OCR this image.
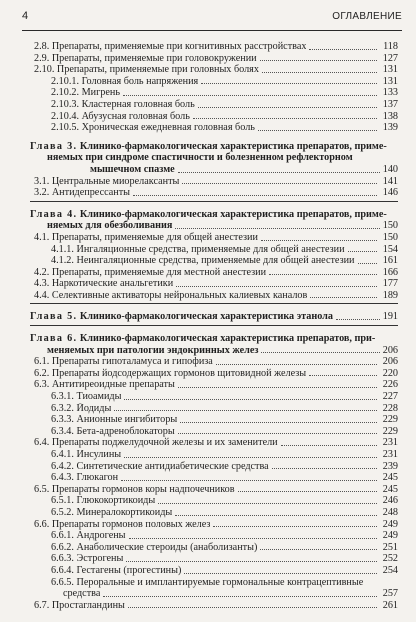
4	ОГЛАВЛЕНИЕ
2.8. Препараты, применяемые при когнитивных расстройствах	118
2.9. Препараты, применяемые при головокружении	127
2.10. Препараты, применяемые при головных болях	131
2.10.1. Головная боль напряжения	131
2.10.2. Мигрень	133
2.10.3. Кластерная головная боль	137
2.10.4. Абузусная головная боль	138
2.10.5. Хроническая ежедневная головная боль	139
Глава 3. Клинико-фармакологическая характеристика препаратов, приме-
няемых при синдроме спастичности и болезненном рефлекторном
мышечном спазме	140
3.1. Центральные миорелаксанты	141
3.2. Антидепрессанты	146
Глава 4. Клинико-фармакологическая характеристика препаратов, приме-
няемых для обезболивания	150
4.1. Препараты, применяемые для общей анестезии	150
4.1.1. Ингаляционные средства, применяемые для общей анестезии	154
4.1.2. Неингаляционные средства, применяемые для общей анестезии	161
4.2. Препараты, применяемые для местной анестезии	166
4.3. Наркотические анальгетики	177
4.4. Селективные активаторы нейрональных калиевых каналов	189
Глава 5. Клинико-фармакологическая характеристика этанола	191
Глава 6. Клинико-фармакологическая характеристика препаратов, при-
меняемых при патологии эндокринных желез	206
6.1. Препараты гипоталамуса и гипофиза	206
6.2. Препараты йодсодержащих гормонов щитовидной железы	220
6.3. Антитиреоидные препараты	226
6.3.1. Тиоамиды	227
6.3.2. Йодиды	228
6.3.3. Анионные ингибиторы	229
6.3.4. Бета-адреноблокаторы	229
6.4. Препараты поджелудочной железы и их заменители	231
6.4.1. Инсулины	231
6.4.2. Синтетические антидиабетические средства	239
6.4.3. Глюкагон	245
6.5. Препараты гормонов коры надпочечников	245
6.5.1. Глюкокортикоиды	246
6.5.2. Минералокортикоиды	248
6.6. Препараты гормонов половых желез	249
6.6.1. Андрогены	249
6.6.2. Анаболические стероиды (анаболизанты)	251
6.6.3. Эстрогены	252
6.6.4. Гестагены (прогестины)	254
6.6.5. Пероральные и имплантируемые гормональные контрацептивные
средства	257
6.7. Простагландины	261
